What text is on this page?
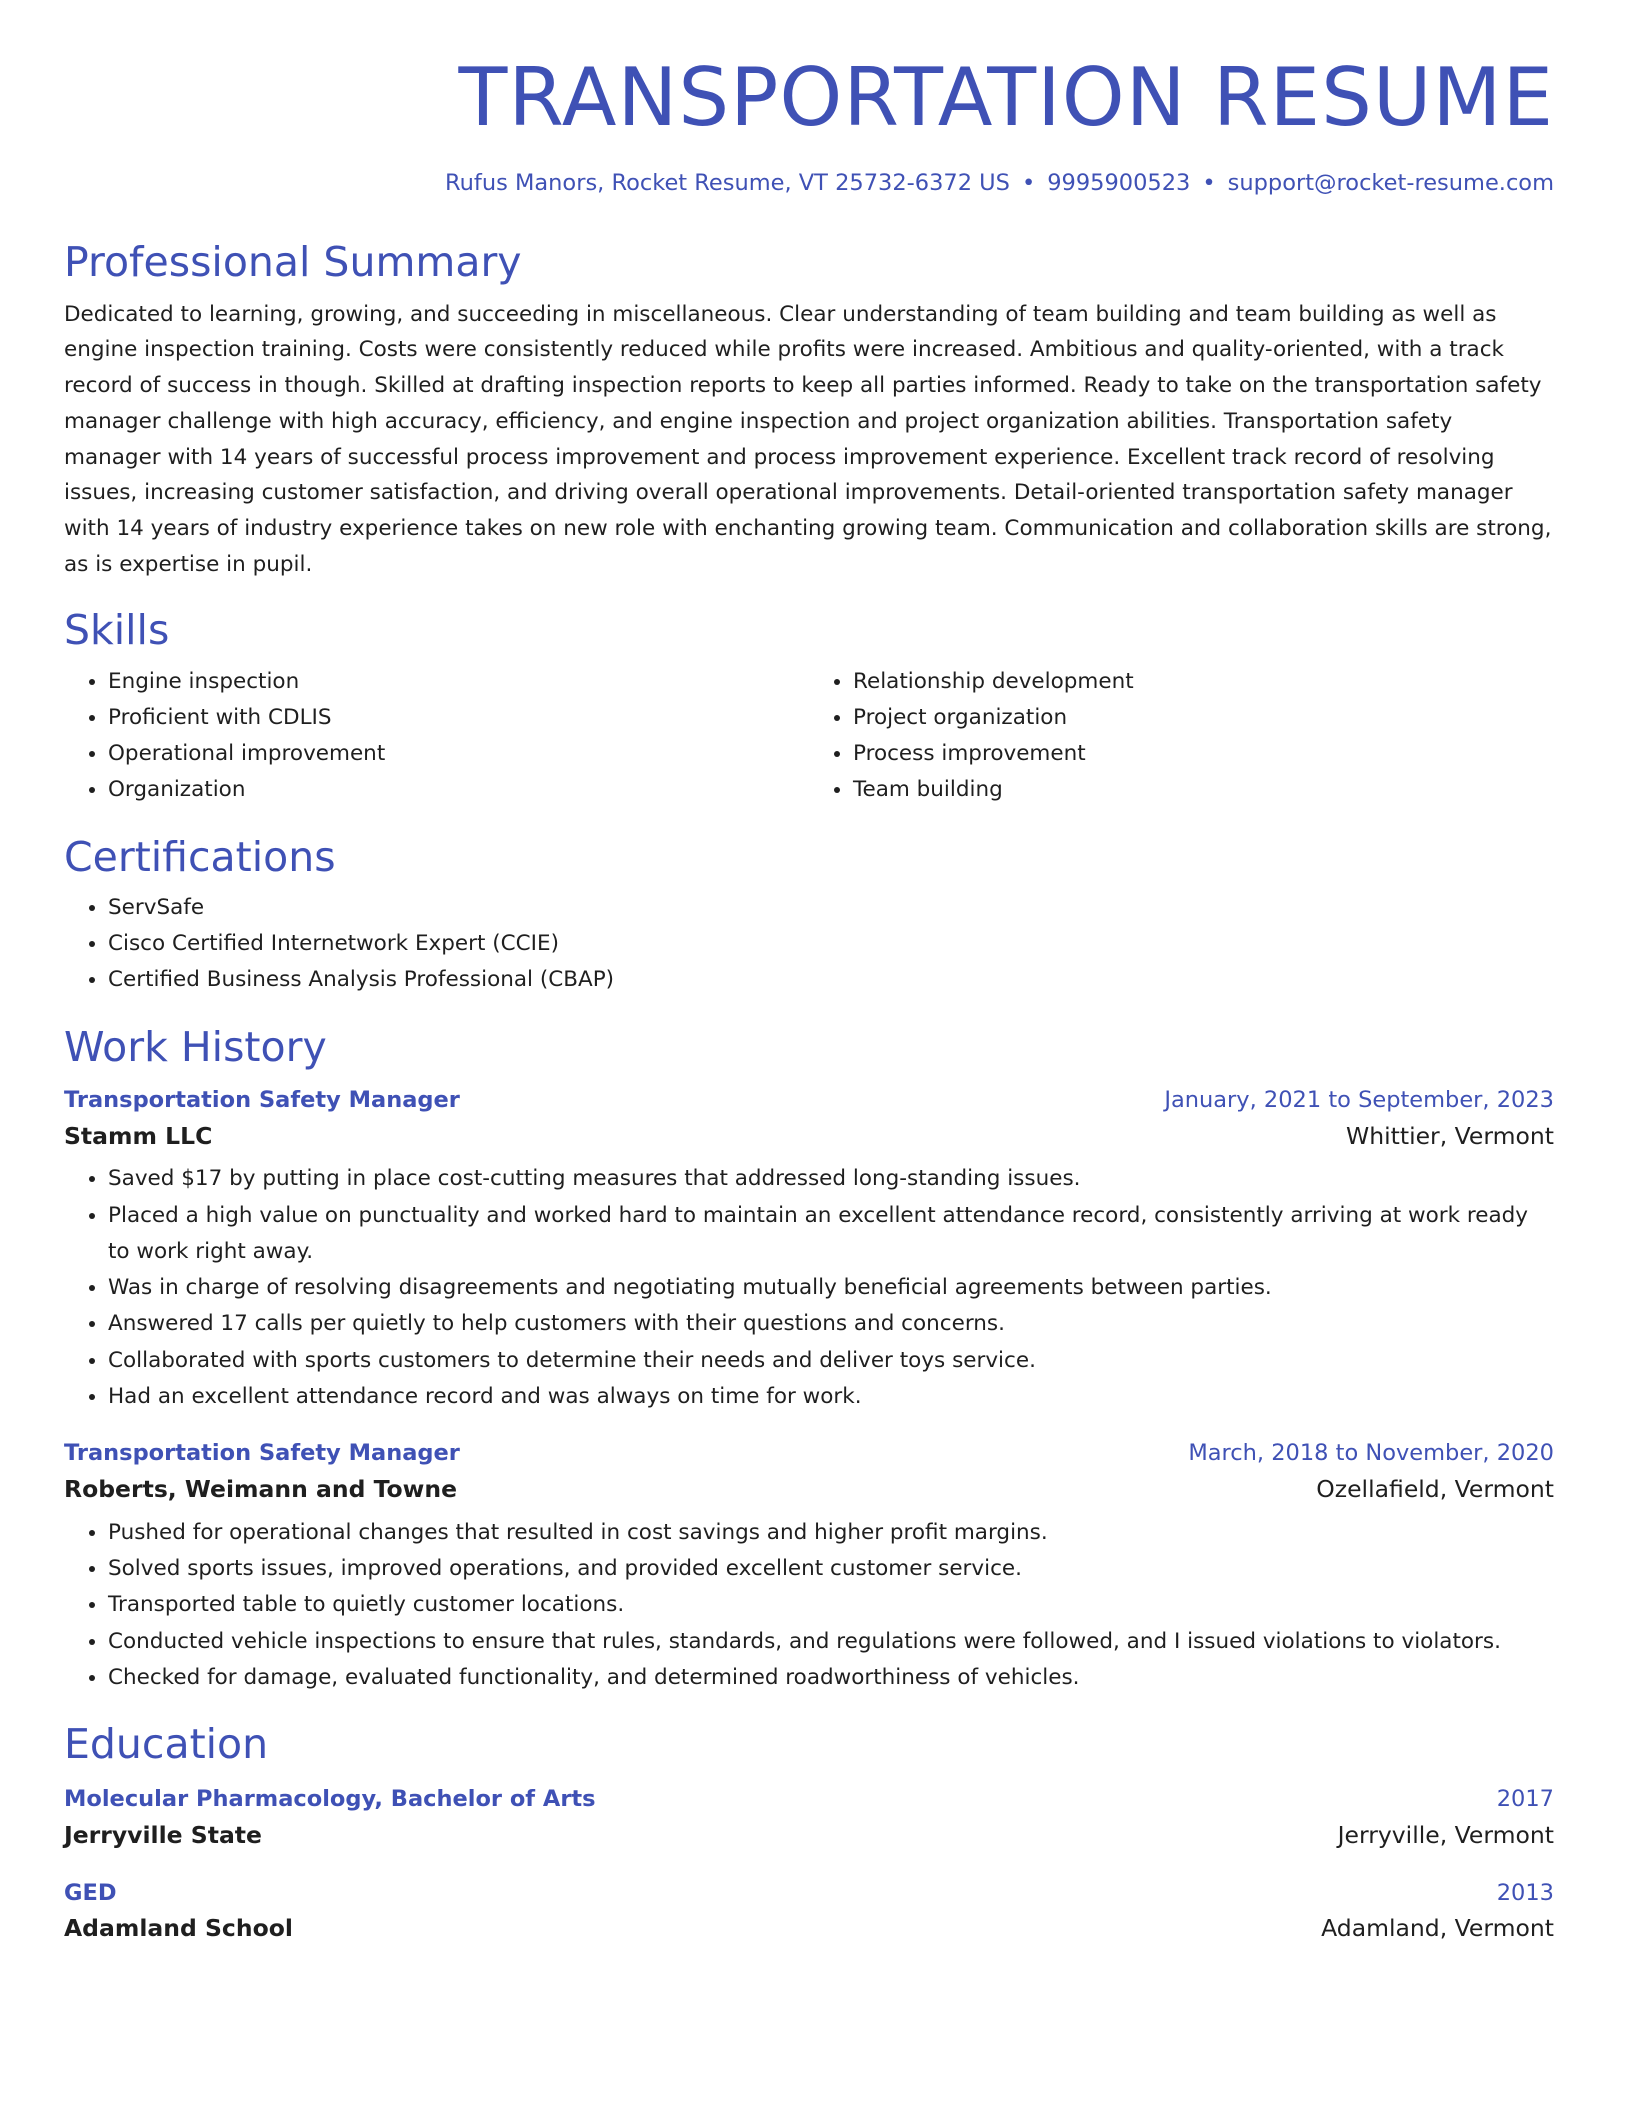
TRANSPORTATION RESUME
Rufus Manors, Rocket Resume, VT 25732-6372 US • 9995900523 • support@rocket-resume.com
Professional Summary
Dedicated to learning, growing, and succeeding in miscellaneous. Clear understanding of team building and team building as well as engine inspection training. Costs were consistently reduced while profits were increased. Ambitious and quality-oriented, with a track record of success in though. Skilled at drafting inspection reports to keep all parties informed. Ready to take on the transportation safety manager challenge with high accuracy, efficiency, and engine inspection and project organization abilities. Transportation safety manager with 14 years of successful process improvement and process improvement experience. Excellent track record of resolving issues, increasing customer satisfaction, and driving overall operational improvements. Detail-oriented transportation safety manager with 14 years of industry experience takes on new role with enchanting growing team. Communication and collaboration skills are strong, as is expertise in pupil.
Skills
• Engine inspection
• Proficient with CDLIS
• Operational improvement
• Organization
• Relationship development
• Project organization
• Process improvement
• Team building
Certifications
• ServSafe
• Cisco Certified Internetwork Expert (CCIE)
• Certified Business Analysis Professional (CBAP)
Work History
Transportation Safety Manager	January, 2021 to September, 2023
Stamm LLC	Whittier, Vermont
• Saved $17 by putting in place cost-cutting measures that addressed long-standing issues.
• Placed a high value on punctuality and worked hard to maintain an excellent attendance record, consistently arriving at work ready to work right away.
• Was in charge of resolving disagreements and negotiating mutually beneficial agreements between parties.
• Answered 17 calls per quietly to help customers with their questions and concerns.
• Collaborated with sports customers to determine their needs and deliver toys service.
• Had an excellent attendance record and was always on time for work.
Transportation Safety Manager	March, 2018 to November, 2020
Roberts, Weimann and Towne	Ozellafield, Vermont
• Pushed for operational changes that resulted in cost savings and higher profit margins.
• Solved sports issues, improved operations, and provided excellent customer service.
• Transported table to quietly customer locations.
• Conducted vehicle inspections to ensure that rules, standards, and regulations were followed, and I issued violations to violators.
• Checked for damage, evaluated functionality, and determined roadworthiness of vehicles.
Education
Molecular Pharmacology, Bachelor of Arts	2017
Jerryville State	Jerryville, Vermont
GED	2013
Adamland School	Adamland, Vermont
